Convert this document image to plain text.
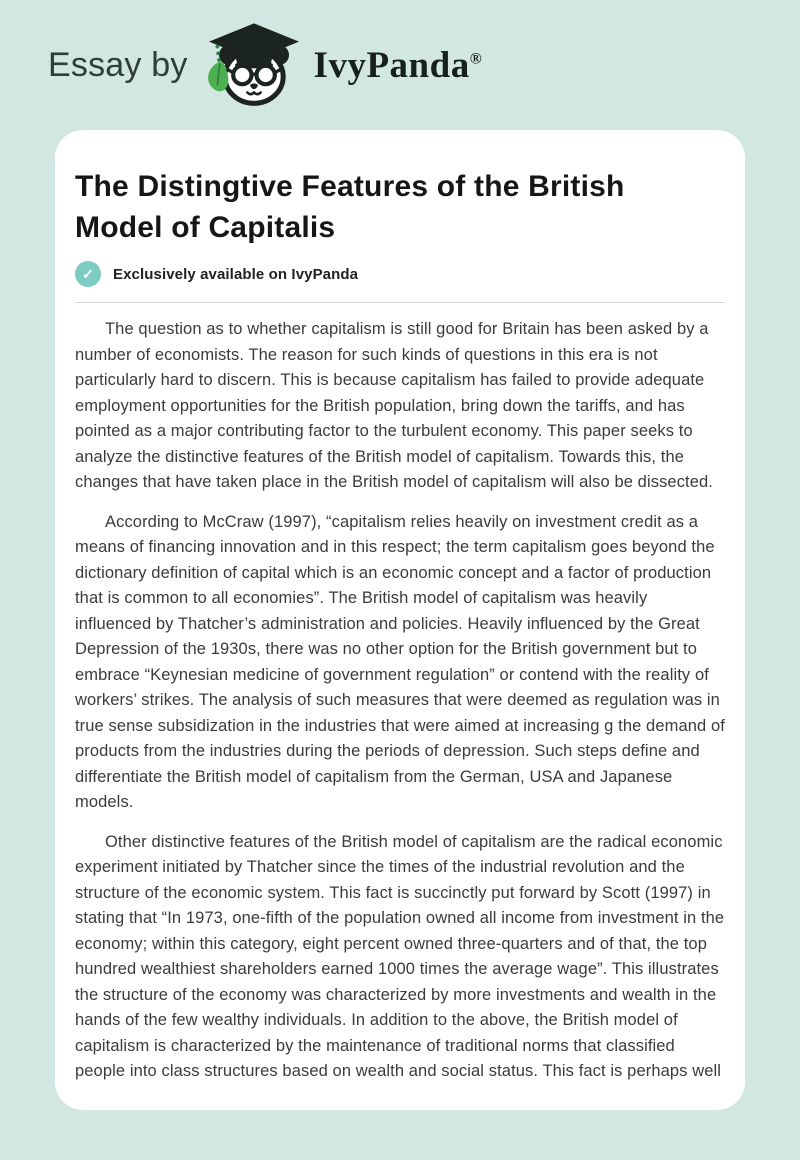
Essay by	IvyPanda®
The Distingtive Features of the British Model of Capitalis
✓	Exclusively available on IvyPanda

The question as to whether capitalism is still good for Britain has been asked by a number of economists. The reason for such kinds of questions in this era is not particularly hard to discern. This is because capitalism has failed to provide adequate employment opportunities for the British population, bring down the tariffs, and has pointed as a major contributing factor to the turbulent economy. This paper seeks to analyze the distinctive features of the British model of capitalism. Towards this, the changes that have taken place in the British model of capitalism will also be dissected.

According to McCraw (1997), “capitalism relies heavily on investment credit as a means of financing innovation and in this respect; the term capitalism goes beyond the dictionary definition of capital which is an economic concept and a factor of production that is common to all economies”. The British model of capitalism was heavily influenced by Thatcher’s administration and policies. Heavily influenced by the Great Depression of the 1930s, there was no other option for the British government but to embrace “Keynesian medicine of government regulation” or contend with the reality of workers’ strikes. The analysis of such measures that were deemed as regulation was in true sense subsidization in the industries that were aimed at increasing g the demand of products from the industries during the periods of depression. Such steps define and differentiate the British model of capitalism from the German, USA and Japanese models.

Other distinctive features of the British model of capitalism are the radical economic experiment initiated by Thatcher since the times of the industrial revolution and the structure of the economic system. This fact is succinctly put forward by Scott (1997) in stating that “In 1973, one-fifth of the population owned all income from investment in the economy; within this category, eight percent owned three-quarters and of that, the top hundred wealthiest shareholders earned 1000 times the average wage”. This illustrates the structure of the economy was characterized by more investments and wealth in the hands of the few wealthy individuals. In addition to the above, the British model of capitalism is characterized by the maintenance of traditional norms that classified people into class structures based on wealth and social status. This fact is perhaps well
